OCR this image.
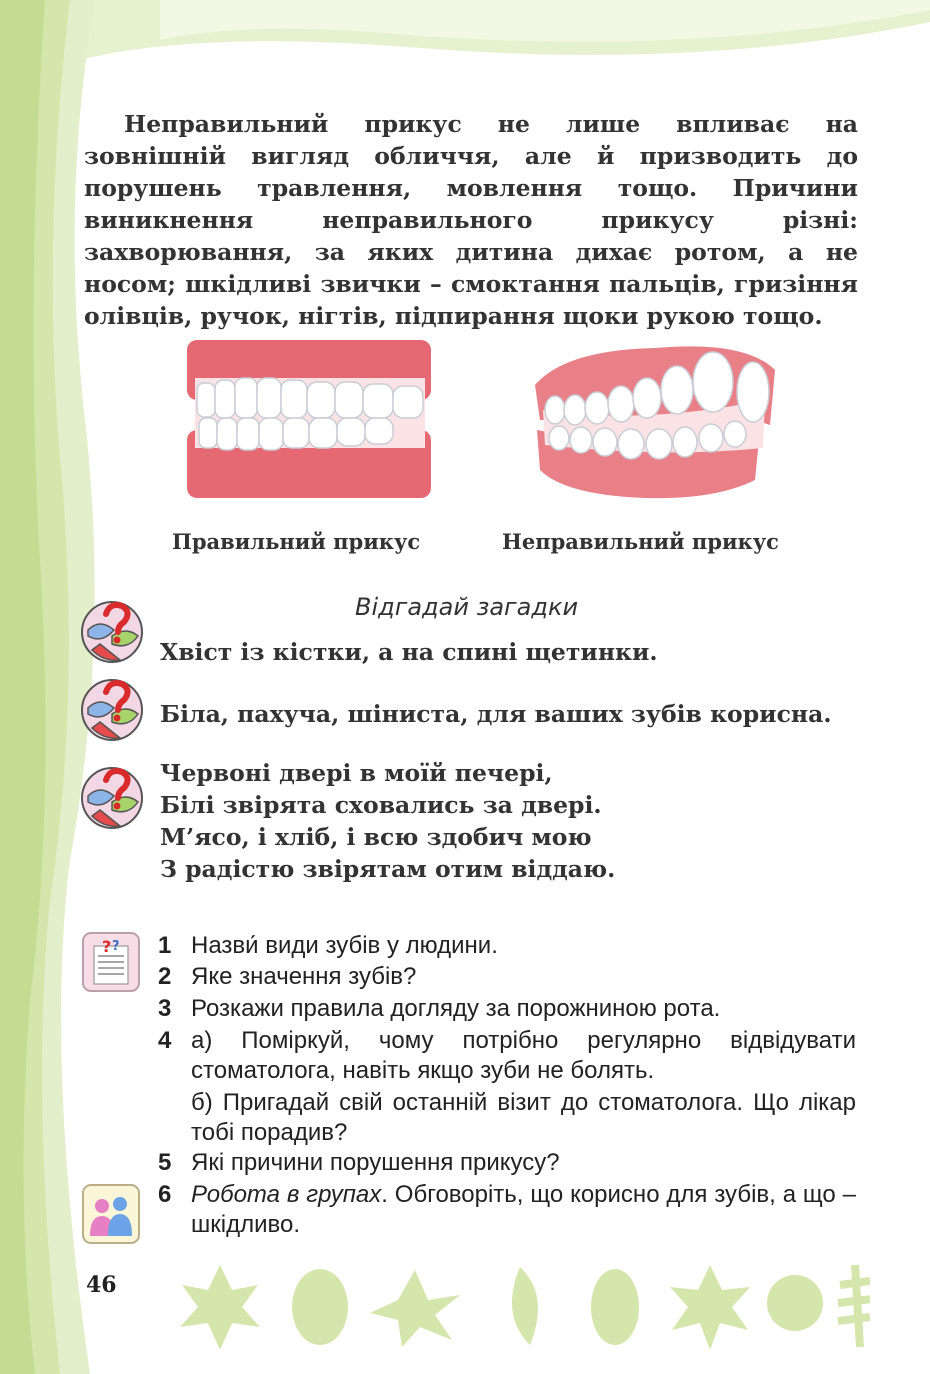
Неправильний прикус не лише впливає на зовнішній вигляд обличчя, але й призводить до порушень травлення, мовлення тощо. Причини виникнення неправильного прикусу різні: захворювання, за яких дитина дихає ротом, а не носом; шкідливі звички – смоктання пальців, гризіння олівців, ручок, нігтів, підпирання щоки рукою тощо.

Правильний прикус	Неправильний прикус
Відгадай загадки
Хвіст із кістки, а на спині щетинки.
Біла, пахуча, шіниста, для ваших зубів корисна.
Червоні двері в моїй печері,
Білі звірята сховались за двері.
М’ясо, і хліб, і всю здобич мою
З радістю звірятам отим віддаю.
? ? 1 Назви́ види зубів у людини.
2 Яке значення зубів?
3 Розкажи правила догляду за порожниною рота.
4 а) Поміркуй, чому потрібно регулярно відвідувати стоматолога, навіть якщо зуби не болять.

б) Пригадай свій останній візит до стоматолога. Що лікар тобі порадив?
5 Які причини порушення прикусу?
6 Робота в групах. Обговоріть, що корисно для зубів, а що – шкідливо.
46
